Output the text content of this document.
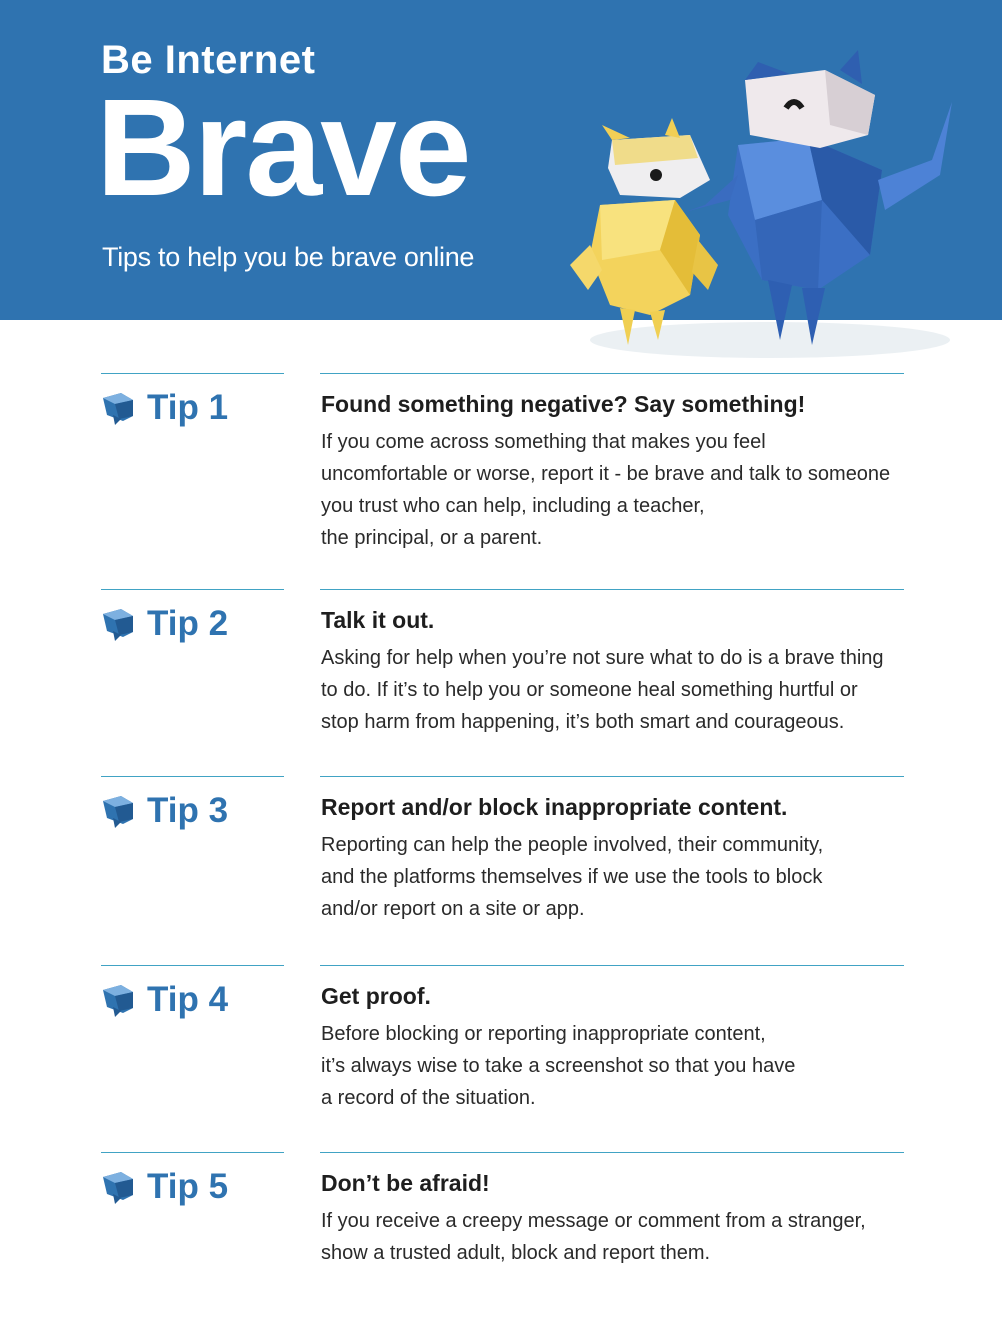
Be Internet
Brave
Tips to help you be brave online
Tip 1	Found something negative? Say something!
If you come across something that makes you feel
uncomfortable or worse, report it - be brave and talk to someone
you trust who can help, including a teacher,
the principal, or a parent.
Tip 2	Talk it out.
Asking for help when you’re not sure what to do is a brave thing
to do. If it’s to help you or someone heal something hurtful or
stop harm from happening, it’s both smart and courageous.
Tip 3	Report and/or block inappropriate content.
Reporting can help the people involved, their community,
and the platforms themselves if we use the tools to block
and/or report on a site or app.
Tip 4	Get proof.
Before blocking or reporting inappropriate content,
it’s always wise to take a screenshot so that you have
a record of the situation.
Tip 5	Don’t be afraid!
If you receive a creepy message or comment from a stranger,
show a trusted adult, block and report them.
